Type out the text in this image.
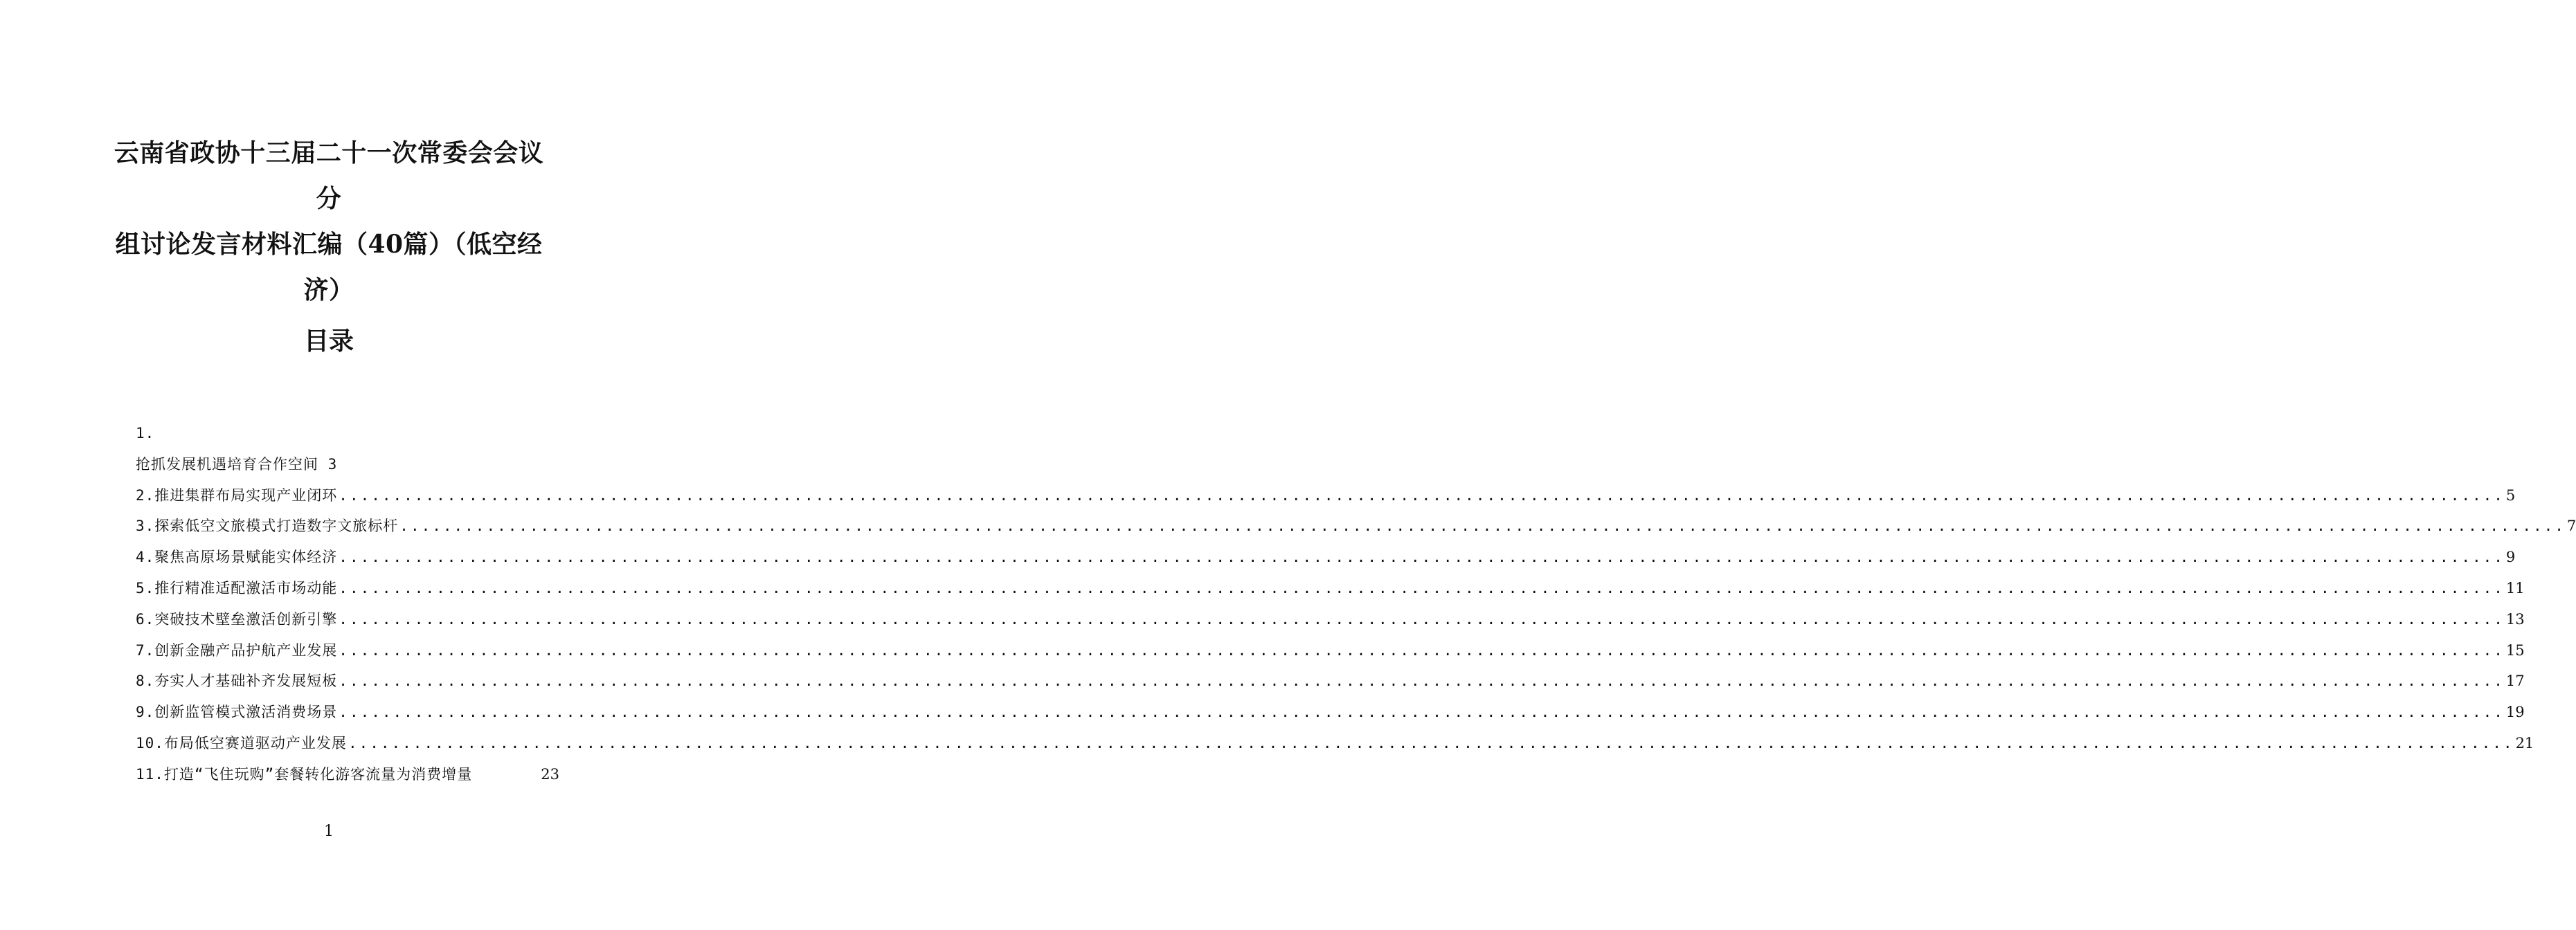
云南省政协十三届二十一次常委会会议分
组讨论发言材料汇编（40篇）（低空经
济）
目录
1.
抢抓发展机遇培育合作空间 3
2.推进集群布局实现产业闭环 ........................................................................................................................................................................................................ 5
3.探索低空文旅模式打造数字文旅标杆 ........................................................................................................................................................................................................ 7
4.聚焦高原场景赋能实体经济 ........................................................................................................................................................................................................ 9
5.推行精准适配激活市场动能 ........................................................................................................................................................................................................ 11
6.突破技术壁垒激活创新引擎 ........................................................................................................................................................................................................ 13
7.创新金融产品护航产业发展 ........................................................................................................................................................................................................ 15
8.夯实人才基础补齐发展短板 ........................................................................................................................................................................................................ 17
9.创新监管模式激活消费场景 ........................................................................................................................................................................................................ 19
10.布局低空赛道驱动产业发展 ........................................................................................................................................................................................................ 21
11.打造“飞住玩购”套餐转化游客流量为消费增量	23
1
